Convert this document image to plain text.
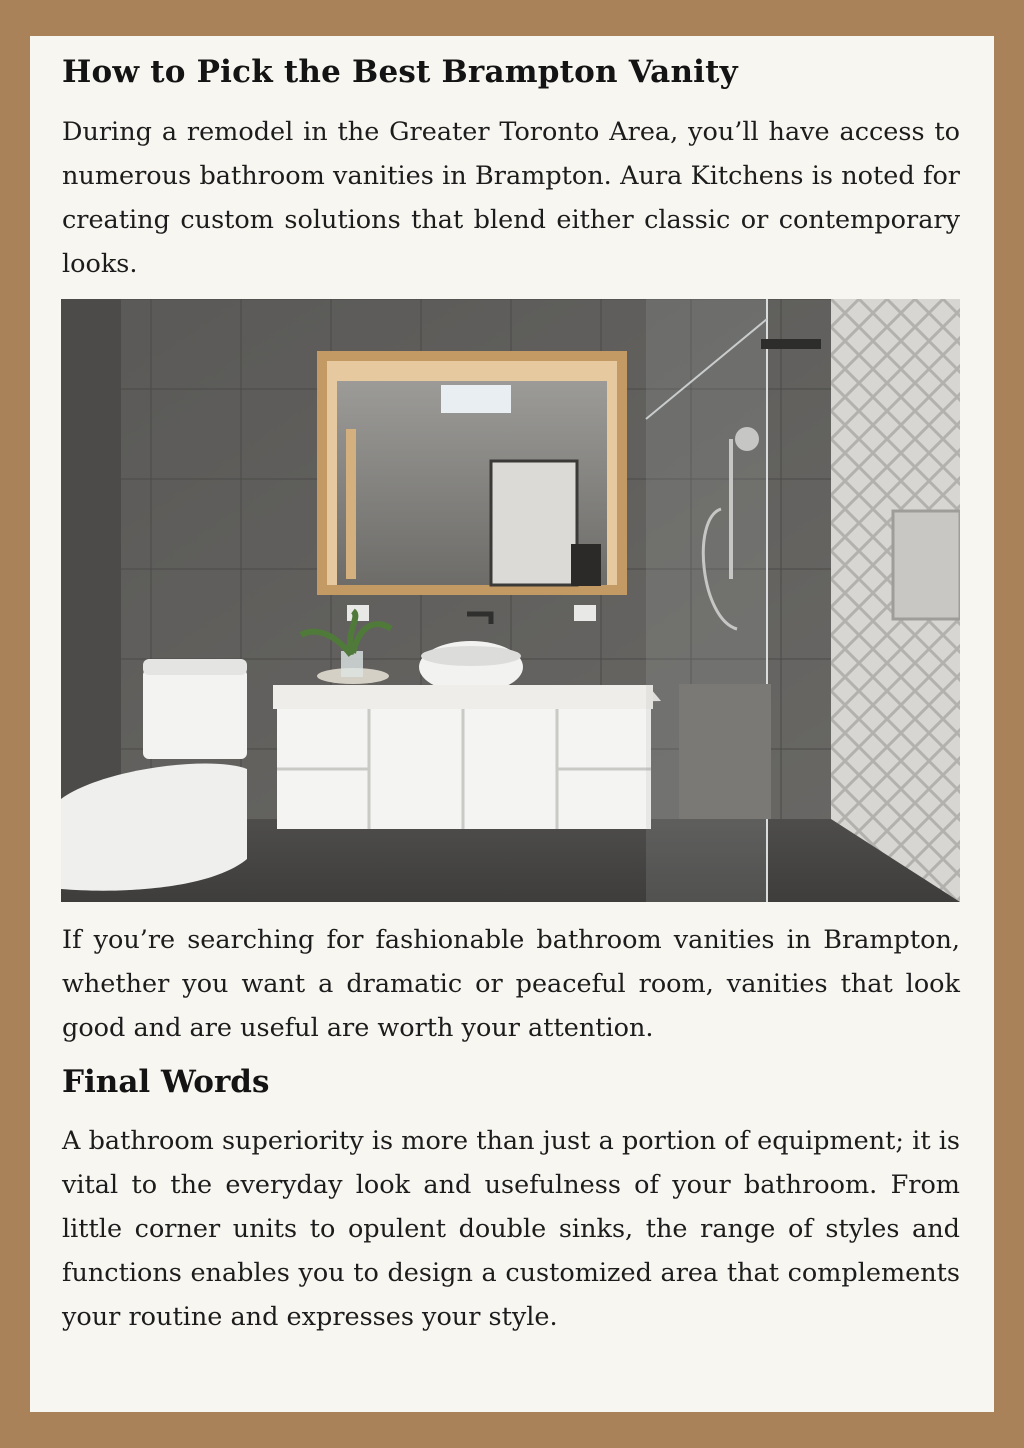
How to Pick the Best Brampton Vanity

During a remodel in the Greater Toronto Area, you’ll have access to numerous bathroom vanities in Brampton. Aura Kitchens is noted for creating custom solutions that blend either classic or contemporary looks.

If you’re searching for fashionable bathroom vanities in Brampton, whether you want a dramatic or peaceful room, vanities that look good and are useful are worth your attention.

Final Words

A bathroom superiority is more than just a portion of equipment; it is vital to the everyday look and usefulness of your bathroom. From little corner units to opulent double sinks, the range of styles and functions enables you to design a customized area that complements your routine and expresses your style.
